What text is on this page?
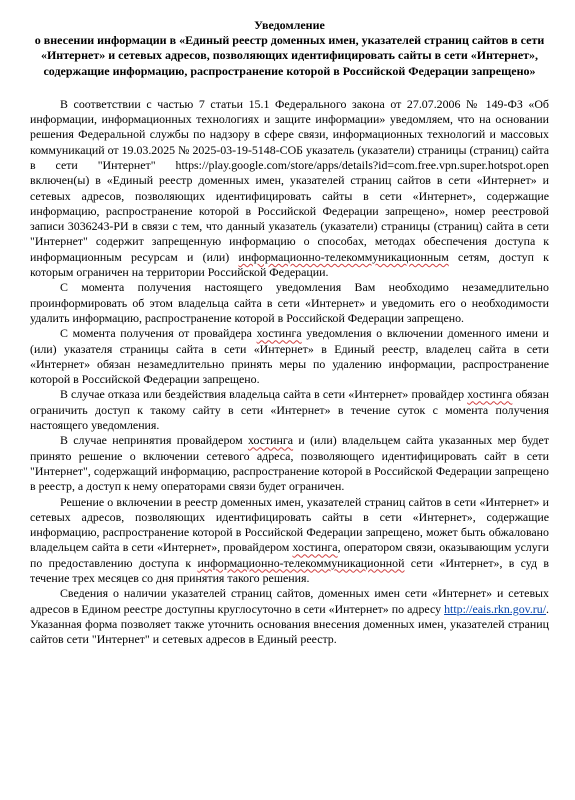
Уведомление
о внесении информации в «Единый реестр доменных имен, указателей страниц сайтов в сети «Интернет» и сетевых адресов, позволяющих идентифицировать сайты в сети «Интернет», содержащие информацию, распространение которой в Российской Федерации запрещено»

В соответствии с частью 7 статьи 15.1 Федерального закона от 27.07.2006 № 149-ФЗ «Об информации, информационных технологиях и защите информации» уведомляем, что на основании решения Федеральной службы по надзору в сфере связи, информационных технологий и массовых коммуникаций от 19.03.2025 № 2025-03-19-5148-СОБ указатель (указатели) страницы (страниц) сайта в сети "Интернет" https://play.google.com/store/apps/details?id=com.free.vpn.super.hotspot.open включен(ы) в «Единый реестр доменных имен, указателей страниц сайтов в сети «Интернет» и сетевых адресов, позволяющих идентифицировать сайты в сети «Интернет», содержащие информацию, распространение которой в Российской Федерации запрещено», номер реестровой записи 3036243-РИ в связи с тем, что данный указатель (указатели) страницы (страниц) сайта в сети "Интернет" содержит запрещенную информацию о способах, методах обеспечения доступа к информационным ресурсам и (или) информационно-телекоммуникационным сетям, доступ к которым ограничен на территории Российской Федерации.

С момента получения настоящего уведомления Вам необходимо незамедлительно проинформировать об этом владельца сайта в сети «Интернет» и уведомить его о необходимости удалить информацию, распространение которой в Российской Федерации запрещено.

С момента получения от провайдера хостинга уведомления о включении доменного имени и (или) указателя страницы сайта в сети «Интернет» в Единый реестр, владелец сайта в сети «Интернет» обязан незамедлительно принять меры по удалению информации, распространение которой в Российской Федерации запрещено.

В случае отказа или бездействия владельца сайта в сети «Интернет» провайдер хостинга обязан ограничить доступ к такому сайту в сети «Интернет» в течение суток с момента получения настоящего уведомления.

В случае непринятия провайдером хостинга и (или) владельцем сайта указанных мер будет принято решение о включении сетевого адреса, позволяющего идентифицировать сайт в сети "Интернет", содержащий информацию, распространение которой в Российской Федерации запрещено в реестр, а доступ к нему операторами связи будет ограничен.

Решение о включении в реестр доменных имен, указателей страниц сайтов в сети «Интернет» и сетевых адресов, позволяющих идентифицировать сайты в сети «Интернет», содержащие информацию, распространение которой в Российской Федерации запрещено, может быть обжаловано владельцем сайта в сети «Интернет», провайдером хостинга, оператором связи, оказывающим услуги по предоставлению доступа к информационно-телекоммуникационной сети «Интернет», в суд в течение трех месяцев со дня принятия такого решения.

Сведения о наличии указателей страниц сайтов, доменных имен сети «Интернет» и сетевых адресов в Едином реестре доступны круглосуточно в сети «Интернет» по адресу http://eais.rkn.gov.ru/. Указанная форма позволяет также уточнить основания внесения доменных имен, указателей страниц сайтов сети "Интернет" и сетевых адресов в Единый реестр.
